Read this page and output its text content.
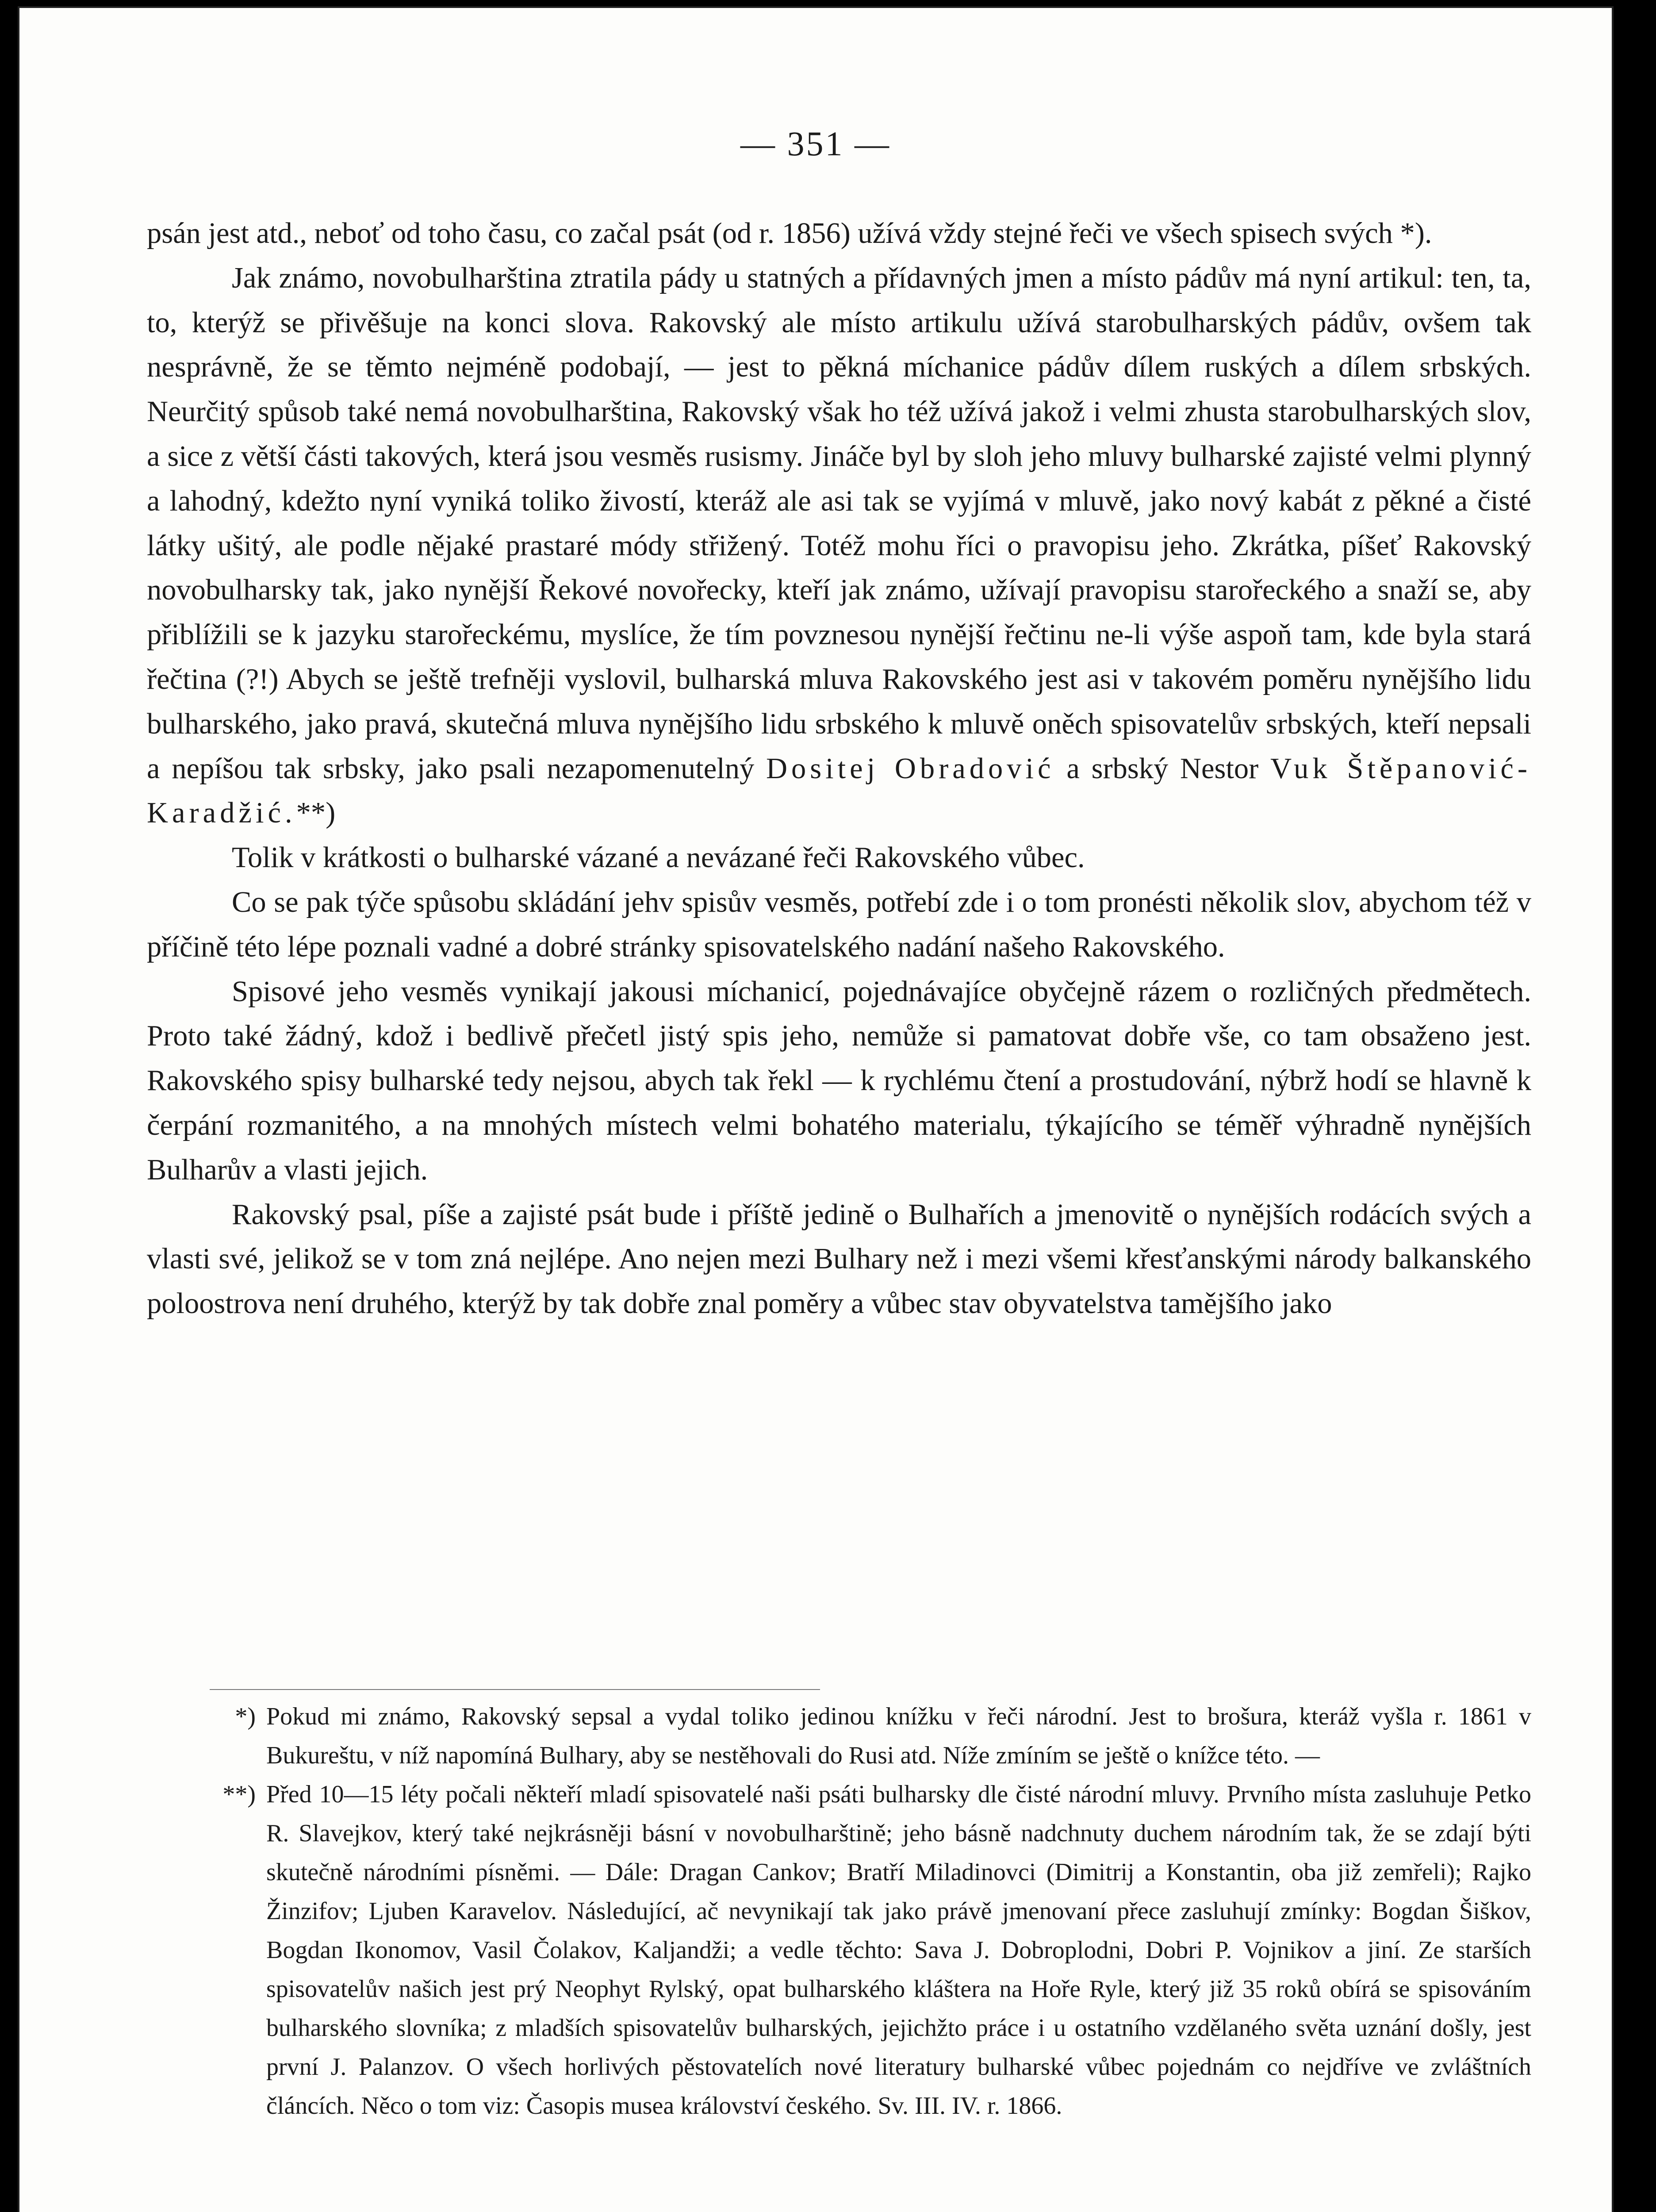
— 351 —

psán jest atd., neboť od toho času, co začal psát (od r. 1856) užívá vždy stejné řeči ve všech spisech svých *).

Jak známo, novobulharština ztratila pády u statných a přídavných jmen a místo pádův má nyní artikul: ten, ta, to, kterýž se přivěšuje na konci slova. Rakovský ale místo artikulu užívá starobulharských pádův, ovšem tak nesprávně, že se těmto nejméně podobají, — jest to pěkná míchanice pádův dílem ruských a dílem srbských. Neurčitý spůsob také nemá novobulharština, Rakovský však ho též užívá jakož i velmi zhusta starobulharských slov, a sice z větší části takových, která jsou vesměs rusismy. Jináče byl by sloh jeho mluvy bulharské zajisté velmi plynný a lahodný, kdežto nyní vyniká toliko živostí, kteráž ale asi tak se vyjímá v mluvě, jako nový kabát z pěkné a čisté látky ušitý, ale podle nějaké prastaré módy střižený. Totéž mohu říci o pravopisu jeho. Zkrátka, píšeť Rakovský novobulharsky tak, jako nynější Řekové novořecky, kteří jak známo, užívají pravopisu starořeckého a snaží se, aby přiblížili se k jazyku starořeckému, myslíce, že tím povznesou nynější řečtinu ne-li výše aspoň tam, kde byla stará řečtina (?!) Abych se ještě trefněji vyslovil, bulharská mluva Rakovského jest asi v takovém poměru nynějšího lidu bulharského, jako pravá, skutečná mluva nynějšího lidu srbského k mluvě oněch spisovatelův srbských, kteří nepsali a nepíšou tak srbsky, jako psali nezapomenutelný Dositej Obradović a srbský Nestor Vuk Štěpanović-Karadžić.**)

Tolik v krátkosti o bulharské vázané a nevázané řeči Rakovského vůbec.

Co se pak týče spůsobu skládání jehv spisův vesměs, potřebí zde i o tom pronésti několik slov, abychom též v příčině této lépe poznali vadné a dobré stránky spisovatelského nadání našeho Rakovského.

Spisové jeho vesměs vynikají jakousi míchanicí, pojednávajíce obyčejně rázem o rozličných předmětech. Proto také žádný, kdož i bedlivě přečetl jistý spis jeho, nemůže si pamatovat dobře vše, co tam obsaženo jest. Rakovského spisy bulharské tedy nejsou, abych tak řekl — k rychlému čtení a prostudování, nýbrž hodí se hlavně k čerpání rozmanitého, a na mnohých místech velmi bohatého materialu, týkajícího se téměř výhradně nynějších Bulharův a vlasti jejich.

Rakovský psal, píše a zajisté psát bude i příště jedině o Bulhařích a jmenovitě o nynějších rodácích svých a vlasti své, jelikož se v tom zná nejlépe. Ano nejen mezi Bulhary než i mezi všemi křesťanskými národy balkanského poloostrova není druhého, kterýž by tak dobře znal poměry a vůbec stav obyvatelstva tamějšího jako

*) Pokud mi známo, Rakovský sepsal a vydal toliko jedinou knížku v řeči národní. Jest to brošura, kteráž vyšla r. 1861 v Bukureštu, v níž napomíná Bulhary, aby se nestěhovali do Rusi atd. Níže zmíním se ještě o knížce této. —
**) Před 10—15 léty počali někteří mladí spisovatelé naši psáti bulharsky dle čisté národní mluvy. Prvního místa zasluhuje Petko R. Slavejkov, který také nejkrásněji básní v novobulharštině; jeho básně nadchnuty duchem národním tak, že se zdají býti skutečně národními písněmi. — Dále: Dragan Cankov; Bratří Miladinovci (Dimitrij a Konstantin, oba již zemřeli); Rajko Žinzifov; Ljuben Karavelov. Následující, ač nevynikají tak jako právě jmenovaní přece zasluhují zmínky: Bogdan Šiškov, Bogdan Ikonomov, Vasil Čolakov, Kaljandži; a vedle těchto: Sava J. Dobroplodni, Dobri P. Vojnikov a jiní. Ze starších spisovatelův našich jest prý Neophyt Rylský, opat bulharského kláštera na Hoře Ryle, který již 35 roků obírá se spisováním bulharského slovníka; z mladších spisovatelův bulharských, jejichžto práce i u ostatního vzdělaného světa uznání došly, jest první J. Palanzov. O všech horlivých pěstovatelích nové literatury bulharské vůbec pojednám co nejdříve ve zvláštních článcích. Něco o tom viz: Časopis musea království českého. Sv. III. IV. r. 1866.
